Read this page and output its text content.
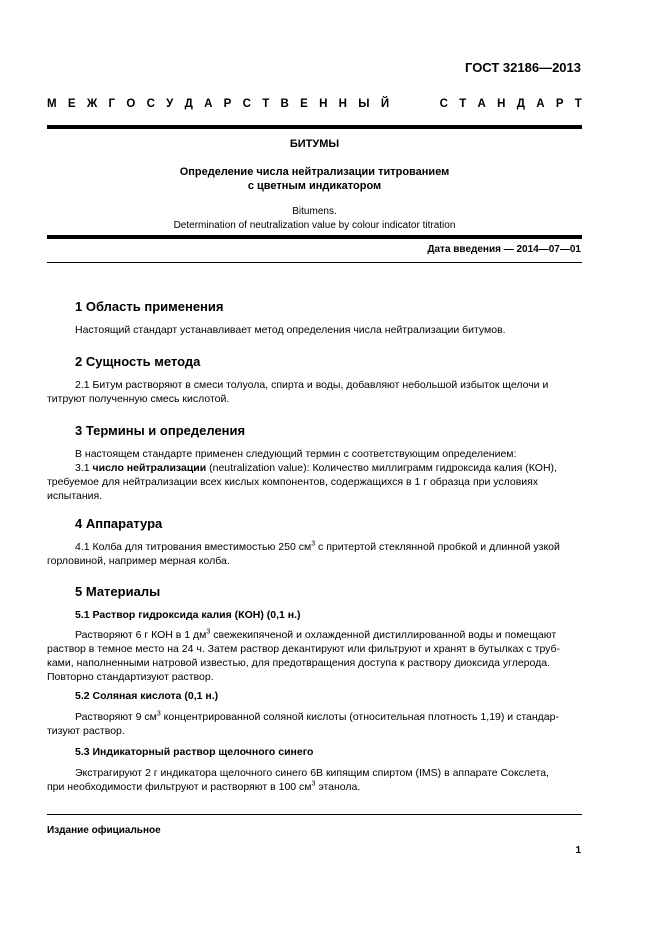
ГОСТ 32186—2013
М Е Ж Г О С У Д А Р С Т В Е Н Н Ы Й	С Т А Н Д А Р Т
БИТУМЫ
Определение числа нейтрализации титрованием
с цветным индикатором
Bitumens.
Determination of neutralization value by colour indicator titration
Дата введения — 2014—07—01
1 Область применения
Настоящий стандарт устанавливает метод определения числа нейтрализации битумов.
2 Сущность метода
2.1 Битум растворяют в смеси толуола, спирта и воды, добавляют небольшой избыток щелочи и
титруют полученную смесь кислотой.
3 Термины и определения
В настоящем стандарте применен следующий термин с соответствующим определением:
3.1 число нейтрализации (neutralization value): Количество миллиграмм гидроксида калия (КОН),
требуемое для нейтрализации всех кислых компонентов, содержащихся в 1 г образца при условиях
испытания.
4 Аппаратура
4.1 Колба для титрования вместимостью 250 $см^3$ с притертой стеклянной пробкой и длинной узкой
горловиной, например мерная колба.
5 Материалы
5.1 Раствор гидроксида калия (КОН) (0,1 н.)
Растворяют 6 г КОН в 1 $дм^3$ свежекипяченой и охлажденной дистиллированной воды и помещают
раствор в темное место на 24 ч. Затем раствор декантируют или фильтруют и хранят в бутылках с труб-
ками, наполненными натровой известью, для предотвращения доступа к раствору диоксида углерода.
Повторно стандартизуют раствор.
5.2 Соляная кислота (0,1 н.)
Растворяют 9 $см^3$ концентрированной соляной кислоты (относительная плотность 1,19) и стандар-
тизуют раствор.
5.3 Индикаторный раствор щелочного синего
Экстрагируют 2 г индикатора щелочного синего 6В кипящим спиртом (IMS) в аппарате Сокслета,
при необходимости фильтруют и растворяют в 100 $см^3$ этанола.
Издание официальное
1
